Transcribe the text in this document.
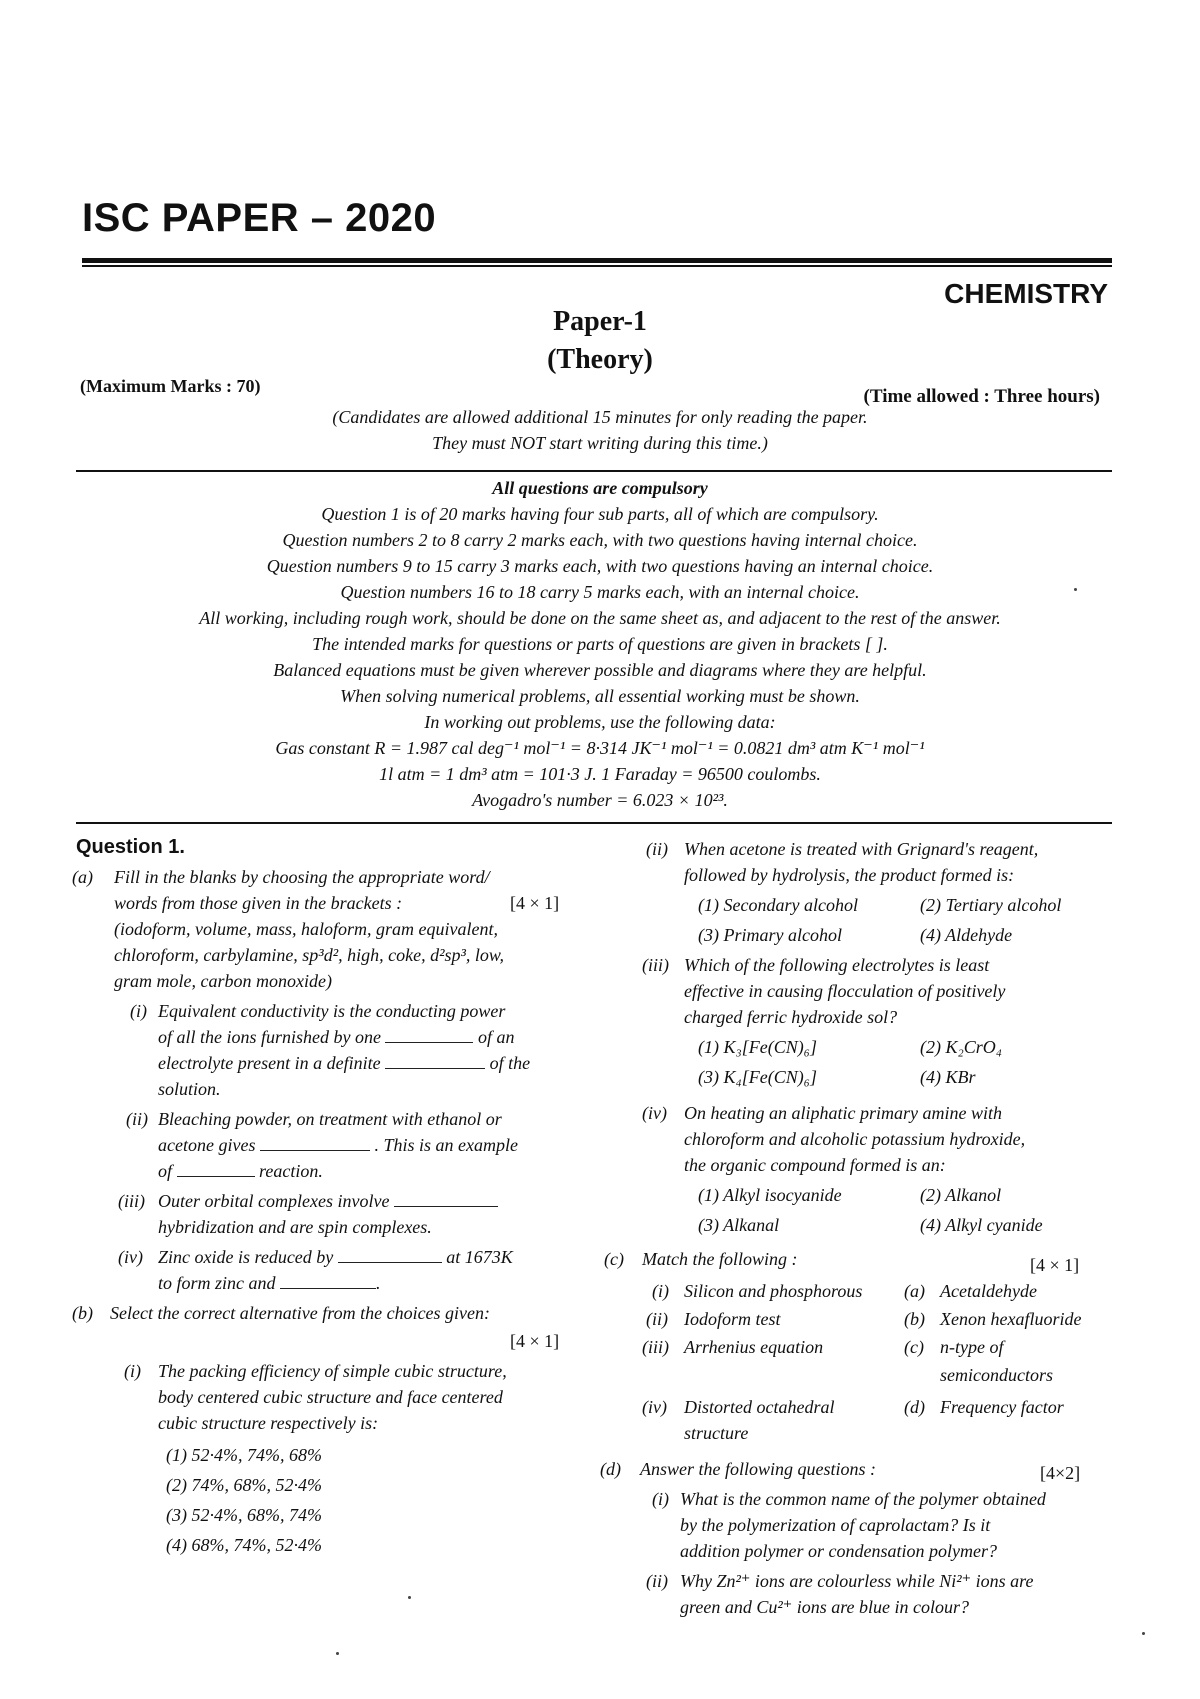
ISC PAPER – 2020
CHEMISTRY
Paper-1
(Theory)
(Maximum Marks : 70)	(Time allowed : Three hours)
(Candidates are allowed additional 15 minutes for only reading the paper.
They must NOT start writing during this time.)
All questions are compulsory
Question 1 is of 20 marks having four sub parts, all of which are compulsory.
Question numbers 2 to 8 carry 2 marks each, with two questions having internal choice.
Question numbers 9 to 15 carry 3 marks each, with two questions having an internal choice.
Question numbers 16 to 18 carry 5 marks each, with an internal choice.
All working, including rough work, should be done on the same sheet as, and adjacent to the rest of the answer.
The intended marks for questions or parts of questions are given in brackets [ ].
Balanced equations must be given wherever possible and diagrams where they are helpful.
When solving numerical problems, all essential working must be shown.
In working out problems, use the following data:
Gas constant R = 1.987 cal deg⁻¹ mol⁻¹ = 8·314 JK⁻¹ mol⁻¹ = 0.0821 dm³ atm K⁻¹ mol⁻¹
1l atm = 1 dm³ atm = 101·3 J. 1 Faraday = 96500 coulombs.
Avogadro's number = 6.023 × 10²³.
Question 1.
(a) Fill in the blanks by choosing the appropriate word/
words from those given in the brackets :	[4 × 1]
(iodoform, volume, mass, haloform, gram equivalent,
chloroform, carbylamine, sp³d², high, coke, d²sp³, low,
gram mole, carbon monoxide)
(i) Equivalent conductivity is the conducting power
of all the ions furnished by one	of an
electrolyte present in a definite	of the
solution.
(ii) Bleaching powder, on treatment with ethanol or
acetone gives	. This is an example
of	reaction.
(iii) Outer orbital complexes involve
hybridization and are spin complexes.
(iv) Zinc oxide is reduced by	at 1673K
to form zinc and	.
(b) Select the correct alternative from the choices given:
[4 × 1]
(i) The packing efficiency of simple cubic structure,
body centered cubic structure and face centered
cubic structure respectively is:
(1) 52·4%, 74%, 68%
(2) 74%, 68%, 52·4%
(3) 52·4%, 68%, 74%
(4) 68%, 74%, 52·4%
(ii) When acetone is treated with Grignard's reagent,
followed by hydrolysis, the product formed is:
(1) Secondary alcohol	(2) Tertiary alcohol
(3) Primary alcohol	(4) Aldehyde
(iii) Which of the following electrolytes is least
effective in causing flocculation of positively
charged ferric hydroxide sol?
(1) K₃[Fe(CN)₆]	(2) K₂CrO₄
(3) K₄[Fe(CN)₆]	(4) KBr
(iv) On heating an aliphatic primary amine with
chloroform and alcoholic potassium hydroxide,
the organic compound formed is an:
(1) Alkyl isocyanide	(2) Alkanol
(3) Alkanal	(4) Alkyl cyanide
(c) Match the following :	[4 × 1]
(i) Silicon and phosphorous (a) Acetaldehyde
(ii) Iodoform test	(b) Xenon hexafluoride
(iii) Arrhenius equation	(c) n-type of
semiconductors
(iv) Distorted octahedral	(d) Frequency factor
structure
(d) Answer the following questions :	[4×2]
(i) What is the common name of the polymer obtained
by the polymerization of caprolactam? Is it
addition polymer or condensation polymer?
(ii) Why Zn²⁺ ions are colourless while Ni²⁺ ions are
green and Cu²⁺ ions are blue in colour?
